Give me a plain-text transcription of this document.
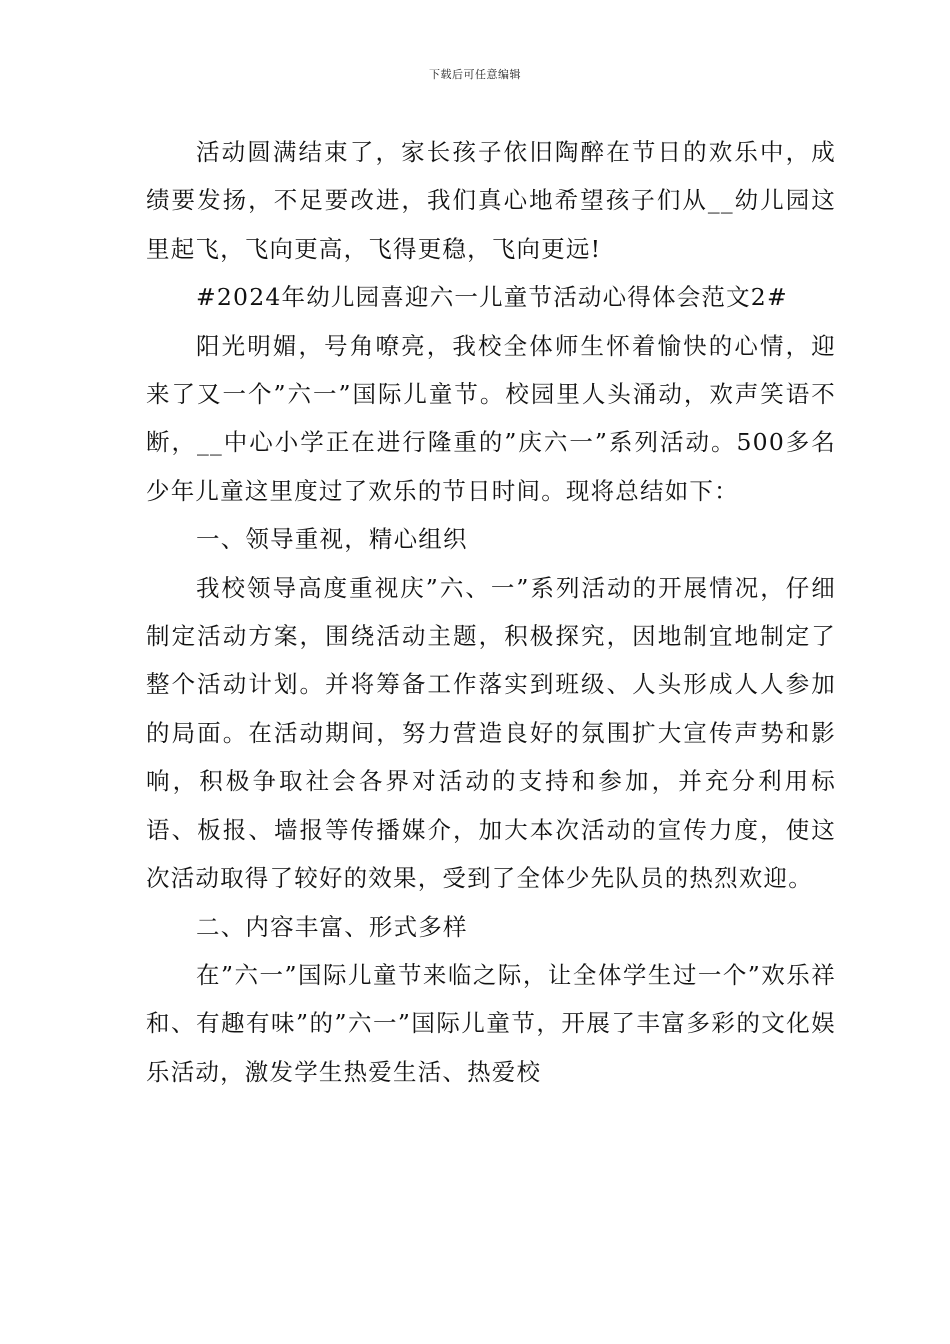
下载后可任意编辑

活动圆满结束了，家长孩子依旧陶醉在节日的欢乐中，成绩要发扬，不足要改进，我们真心地希望孩子们从__幼儿园这里起飞，飞向更高，飞得更稳，飞向更远!

#2024年幼儿园喜迎六一儿童节活动心得体会范文2#

阳光明媚，号角嘹亮，我校全体师生怀着愉快的心情，迎来了又一个”六一”国际儿童节。校园里人头涌动，欢声笑语不断，__中心小学正在进行隆重的”庆六一”系列活动。500多名少年儿童这里度过了欢乐的节日时间。现将总结如下：

一、领导重视，精心组织

我校领导高度重视庆”六、一”系列活动的开展情况，仔细制定活动方案，围绕活动主题，积极探究，因地制宜地制定了整个活动计划。并将筹备工作落实到班级、人头形成人人参加的局面。在活动期间，努力营造良好的氛围扩大宣传声势和影响，积极争取社会各界对活动的支持和参加，并充分利用标语、板报、墙报等传播媒介，加大本次活动的宣传力度，使这次活动取得了较好的效果，受到了全体少先队员的热烈欢迎。

二、内容丰富、形式多样

在”六一”国际儿童节来临之际，让全体学生过一个”欢乐祥和、有趣有味”的”六一”国际儿童节，开展了丰富多彩的文化娱乐活动，激发学生热爱生活、热爱校
